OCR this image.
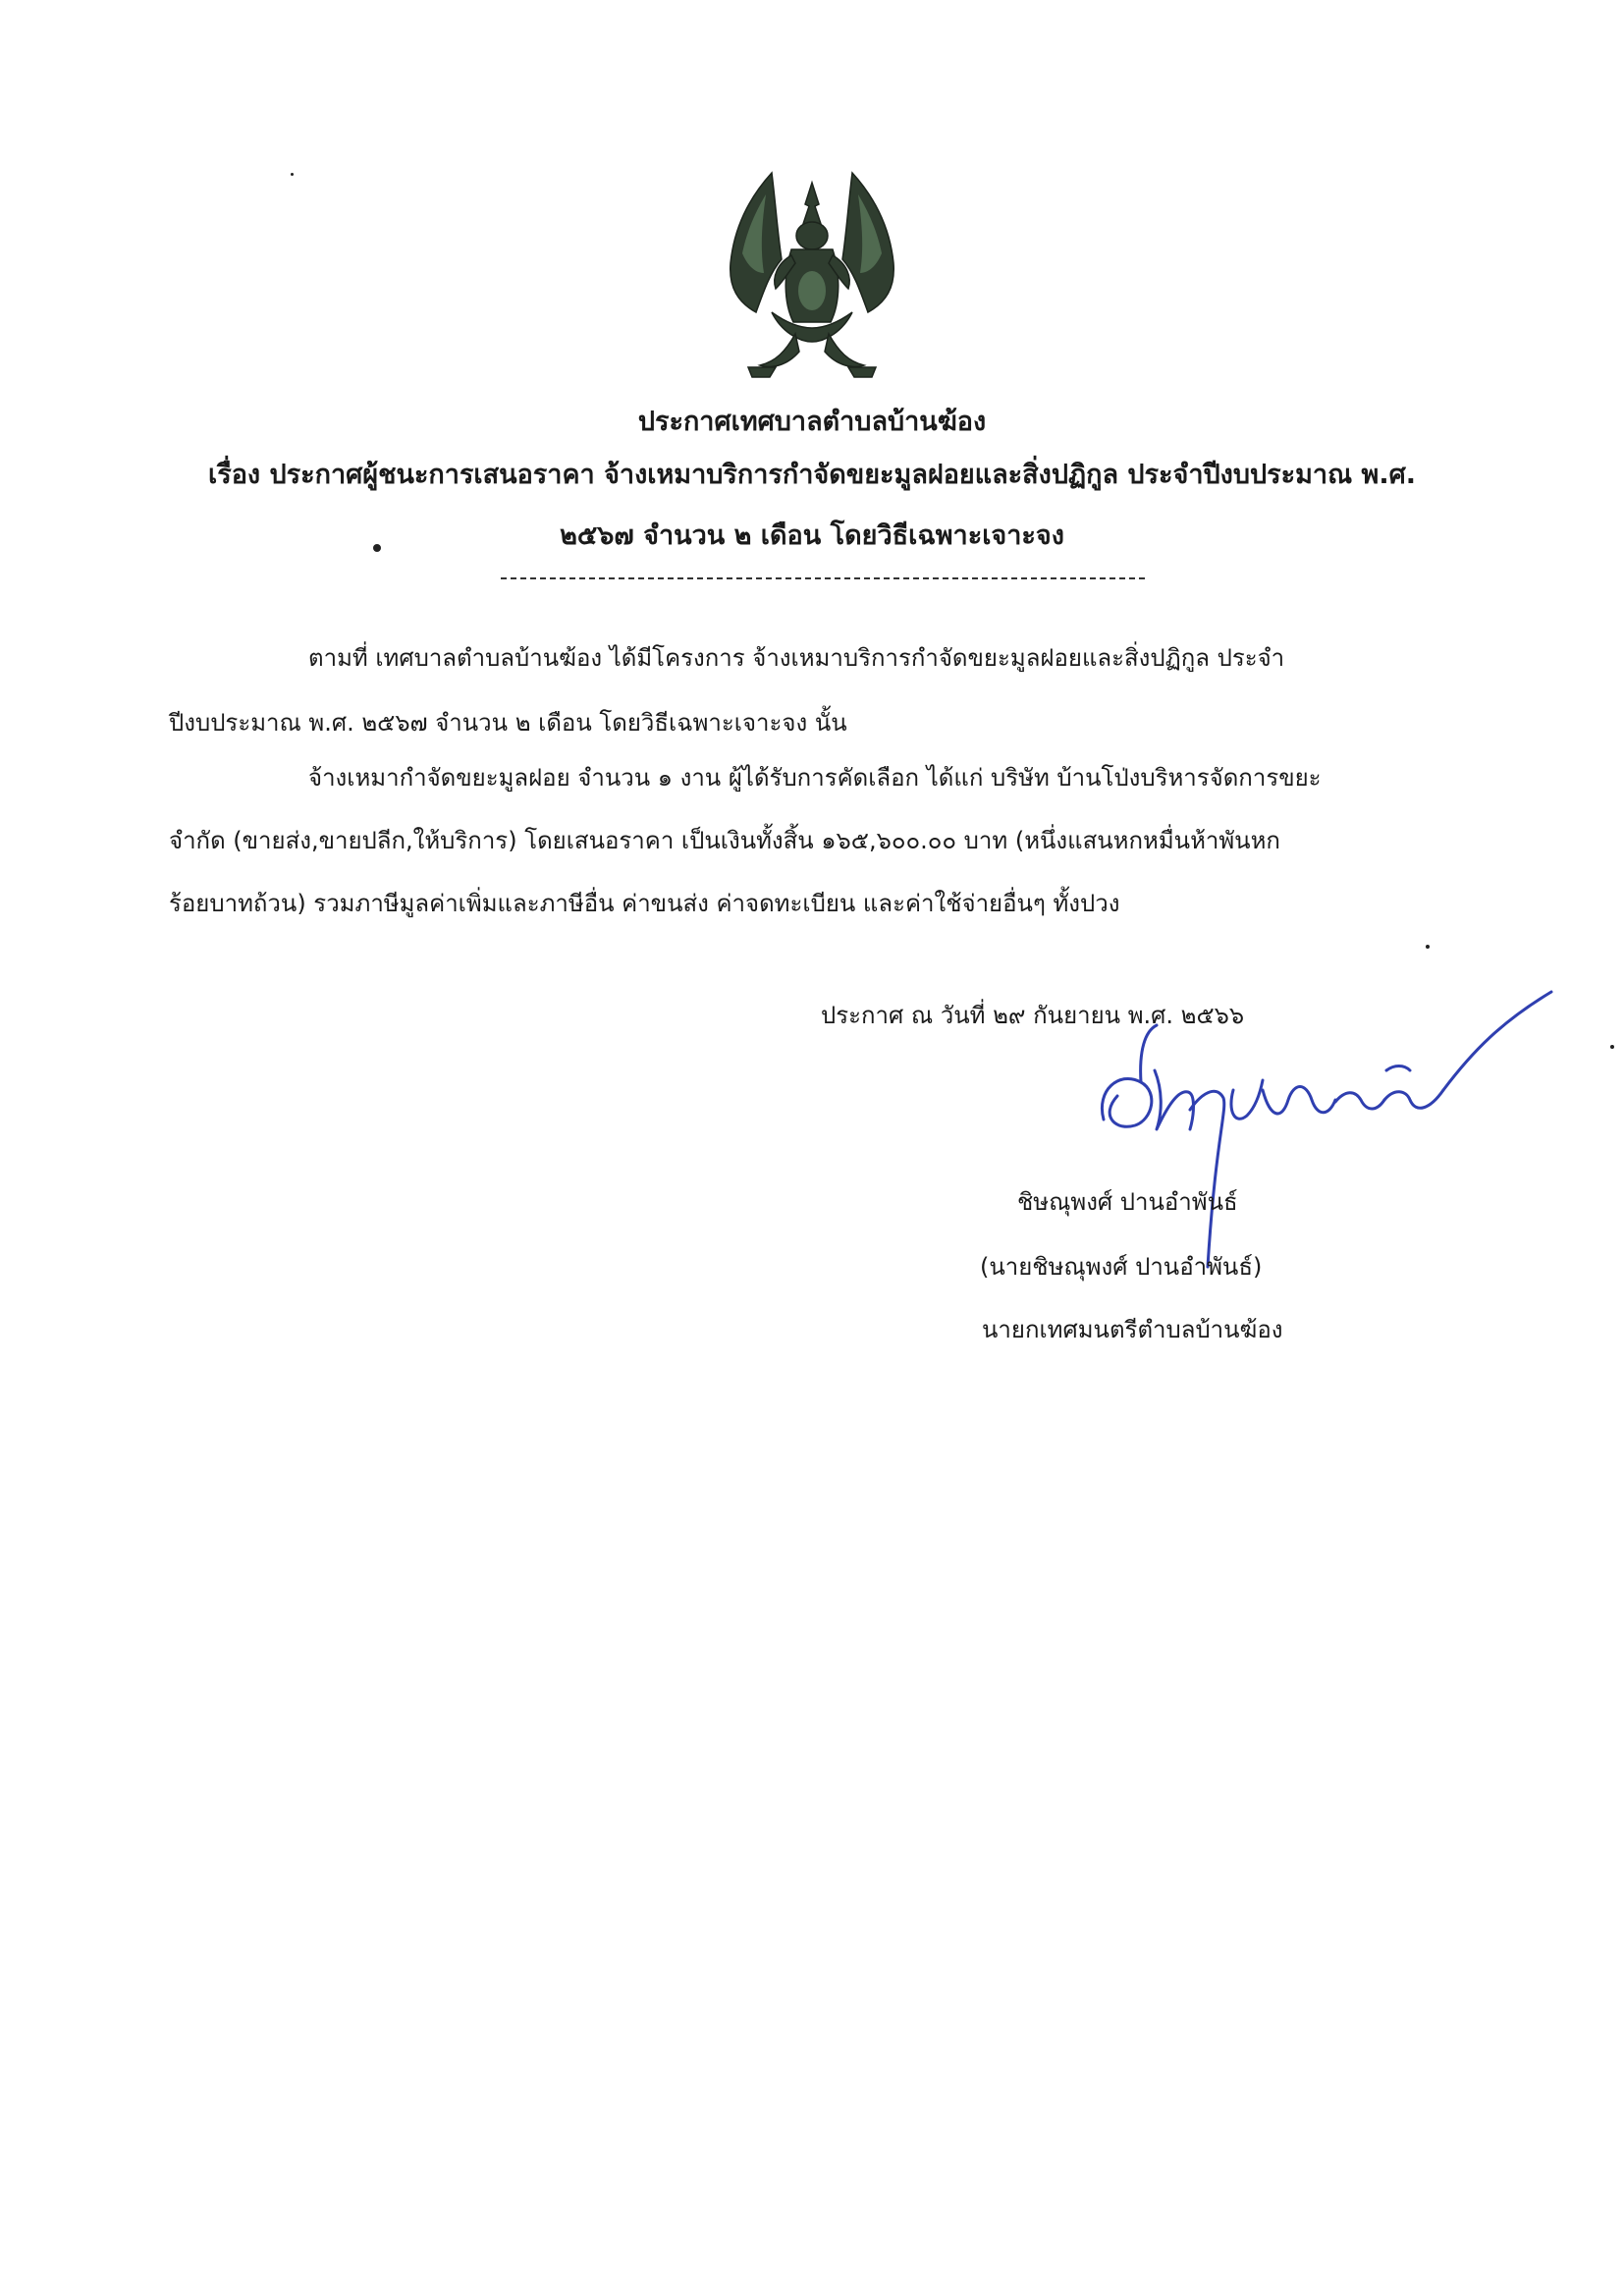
ประกาศเทศบาลตำบลบ้านฆ้อง
เรื่อง ประกาศผู้ชนะการเสนอราคา จ้างเหมาบริการกำจัดขยะมูลฝอยและสิ่งปฏิกูล ประจำปีงบประมาณ พ.ศ.
๒๕๖๗ จำนวน ๒ เดือน โดยวิธีเฉพาะเจาะจง
ตามที่ เทศบาลตำบลบ้านฆ้อง ได้มีโครงการ จ้างเหมาบริการกำจัดขยะมูลฝอยและสิ่งปฏิกูล ประจำ
ปีงบประมาณ พ.ศ. ๒๕๖๗ จำนวน ๒ เดือน โดยวิธีเฉพาะเจาะจง นั้น
จ้างเหมากำจัดขยะมูลฝอย จำนวน ๑ งาน ผู้ได้รับการคัดเลือก ได้แก่ บริษัท บ้านโป่งบริหารจัดการขยะ
จำกัด (ขายส่ง,ขายปลีก,ให้บริการ) โดยเสนอราคา เป็นเงินทั้งสิ้น ๑๖๕,๖๐๐.๐๐ บาท (หนึ่งแสนหกหมื่นห้าพันหก
ร้อยบาทถ้วน) รวมภาษีมูลค่าเพิ่มและภาษีอื่น ค่าขนส่ง ค่าจดทะเบียน และค่าใช้จ่ายอื่นๆ ทั้งปวง
ประกาศ ณ วันที่ ๒๙ กันยายน พ.ศ. ๒๕๖๖
ชิษณุพงศ์ ปานอำพันธ์
(นายชิษณุพงศ์ ปานอำพันธ์)
นายกเทศมนตรีตำบลบ้านฆ้อง
